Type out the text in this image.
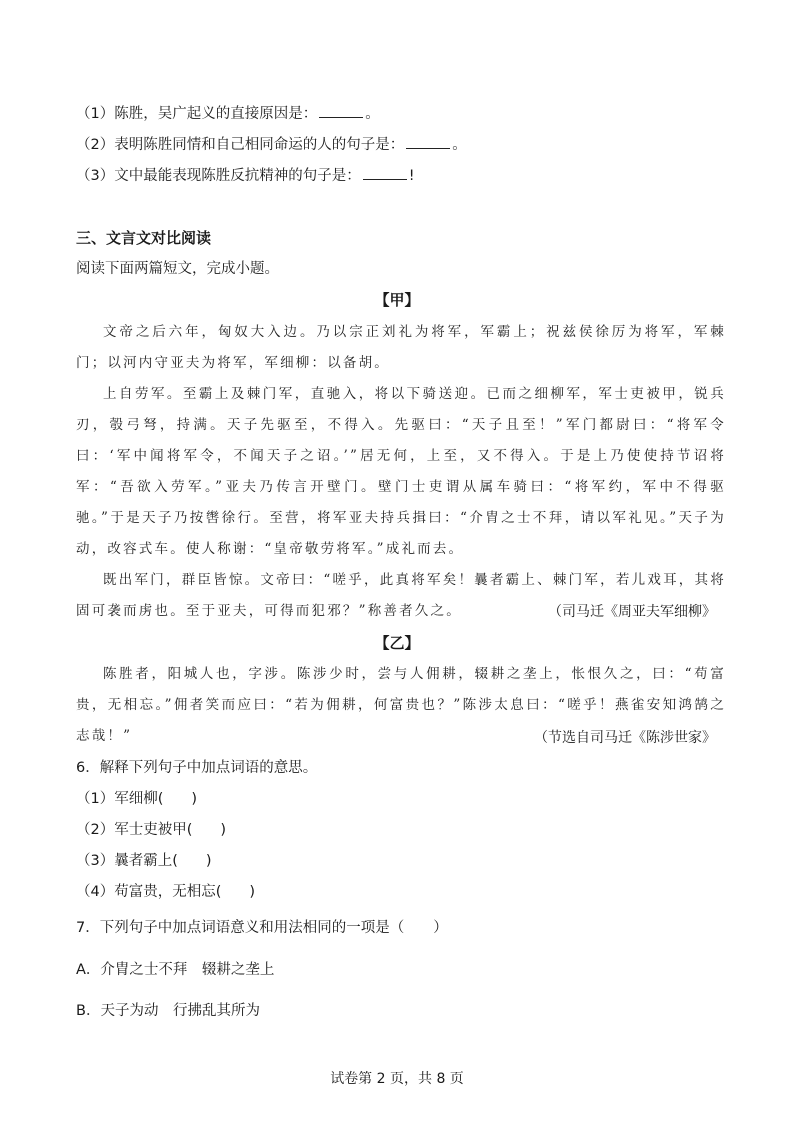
（1）陈胜，吴广起义的直接原因是：	。
（2）表明陈胜同情和自己相同命运的人的句子是：	。
（3）文中最能表现陈胜反抗精神的句子是：	!
三、文言文对比阅读
阅读下面两篇短文，完成小题。
【甲】

文帝之后六年，匈奴大入边。乃以宗正刘礼为将军，军霸上；祝兹侯徐厉为将军，军棘门；以河内守亚夫为将军，军细柳：以备胡。

上自劳军。至霸上及棘门军，直驰入，将以下骑送迎。已而之细柳军，军士吏被甲，锐兵刃，彀弓弩，持满。天子先驱至，不得入。先驱曰：“天子且至！”军门都尉曰：“将军令曰：‘军中闻将军令，不闻天子之诏。’”居无何，上至，又不得入。于是上乃使使持节诏将军：“吾欲入劳军。”亚夫乃传言开壁门。壁门士吏谓从属车骑曰：“将军约，军中不得驱驰。”于是天子乃按辔徐行。至营，将军亚夫持兵揖曰：“介胄之士不拜，请以军礼见。”天子为动，改容式车。使人称谢：“皇帝敬劳将军。”成礼而去。

既出军门，群臣皆惊。文帝曰：“嗟乎，此真将军矣！曩者霸上、棘门军，若儿戏耳，其将固可袭而虏也。至于亚夫，可得而犯邪？”称善者久之。	（司马迁《周亚夫军细柳》
【乙】

陈胜者，阳城人也，字涉。陈涉少时，尝与人佣耕，辍耕之垄上，怅恨久之，曰：“苟富贵，无相忘。”佣者笑而应曰：“若为佣耕，何富贵也？”陈涉太息曰：“嗟乎！燕雀安知鸿鹄之志哉！”	（节选自司马迁《陈涉世家》
6．解释下列句子中加点词语的意思。
（1）军细柳( )
（2）军士吏被甲( )
（3）曩者霸上( )
（4）苟富贵，无相忘( )
7．下列句子中加点词语意义和用法相同的一项是（　　）
A．介胄之士不拜　辍耕之垄上
B．天子为动　行拂乱其所为
试卷第 2 页，共 8 页
